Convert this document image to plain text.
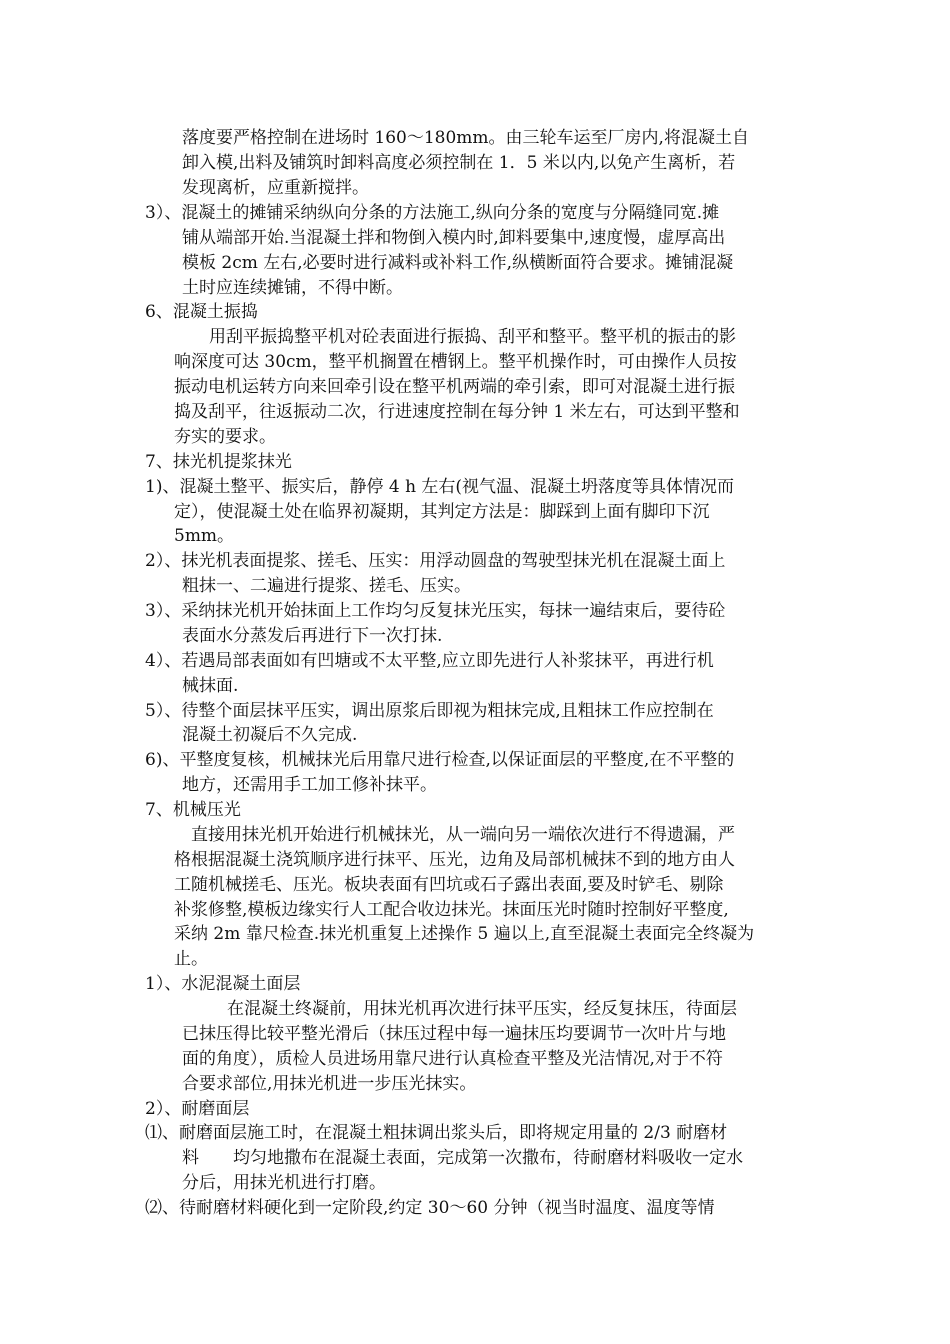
落度要严格控制在进场时 160～180mm。由三轮车运至厂房内,将混凝土自
卸入模,出料及铺筑时卸料高度必须控制在 1．5 米以内,以免产生离析，若
发现离析，应重新搅拌。
3）、混凝土的摊铺采纳纵向分条的方法施工,纵向分条的宽度与分隔缝同宽.摊
铺从端部开始.当混凝土拌和物倒入模内时,卸料要集中,速度慢，虚厚高出
模板 2cm 左右,必要时进行减料或补料工作,纵横断面符合要求。摊铺混凝
土时应连续摊铺，不得中断。
6、混凝土振捣
用刮平振捣整平机对砼表面进行振捣、刮平和整平。整平机的振击的影
响深度可达 30cm，整平机搁置在槽钢上。整平机操作时，可由操作人员按
振动电机运转方向来回牵引设在整平机两端的牵引索，即可对混凝土进行振
捣及刮平，往返振动二次，行进速度控制在每分钟 1 米左右，可达到平整和
夯实的要求。
7、抹光机提浆抹光
1)、混凝土整平、振实后，静停 4 h 左右(视气温、混凝土坍落度等具体情况而
定），使混凝土处在临界初凝期，其判定方法是：脚踩到上面有脚印下沉
5mm。
2）、抹光机表面提浆、搓毛、压实：用浮动圆盘的驾驶型抹光机在混凝土面上
粗抹一、二遍进行提浆、搓毛、压实。
3）、采纳抹光机开始抹面上工作均匀反复抹光压实，每抹一遍结束后，要待砼
表面水分蒸发后再进行下一次打抹.
4）、若遇局部表面如有凹塘或不太平整,应立即先进行人补浆抹平，再进行机
械抹面.
5）、待整个面层抹平压实，调出原浆后即视为粗抹完成,且粗抹工作应控制在
混凝土初凝后不久完成.
6)、平整度复核，机械抹光后用靠尺进行检查,以保证面层的平整度,在不平整的
地方，还需用手工加工修补抹平。
7、机械压光
直接用抹光机开始进行机械抹光，从一端向另一端依次进行不得遗漏，严
格根据混凝土浇筑顺序进行抹平、压光，边角及局部机械抹不到的地方由人
工随机械搓毛、压光。板块表面有凹坑或石子露出表面,要及时铲毛、剔除
补浆修整,模板边缘实行人工配合收边抹光。抹面压光时随时控制好平整度,
采纳 2m 靠尺检查.抹光机重复上述操作 5 遍以上,直至混凝土表面完全终凝为
止。
1）、水泥混凝土面层
在混凝土终凝前，用抹光机再次进行抹平压实，经反复抹压，待面层
已抹压得比较平整光滑后（抹压过程中每一遍抹压均要调节一次叶片与地
面的角度），质检人员进场用靠尺进行认真检查平整及光洁情况,对于不符
合要求部位,用抹光机进一步压光抹实。
2）、耐磨面层
⑴、耐磨面层施工时，在混凝土粗抹调出浆头后，即将规定用量的 2/3 耐磨材
料　　均匀地撒布在混凝土表面，完成第一次撒布，待耐磨材料吸收一定水
分后，用抹光机进行打磨。
⑵、待耐磨材料硬化到一定阶段,约定 30～60 分钟（视当时温度、温度等情
